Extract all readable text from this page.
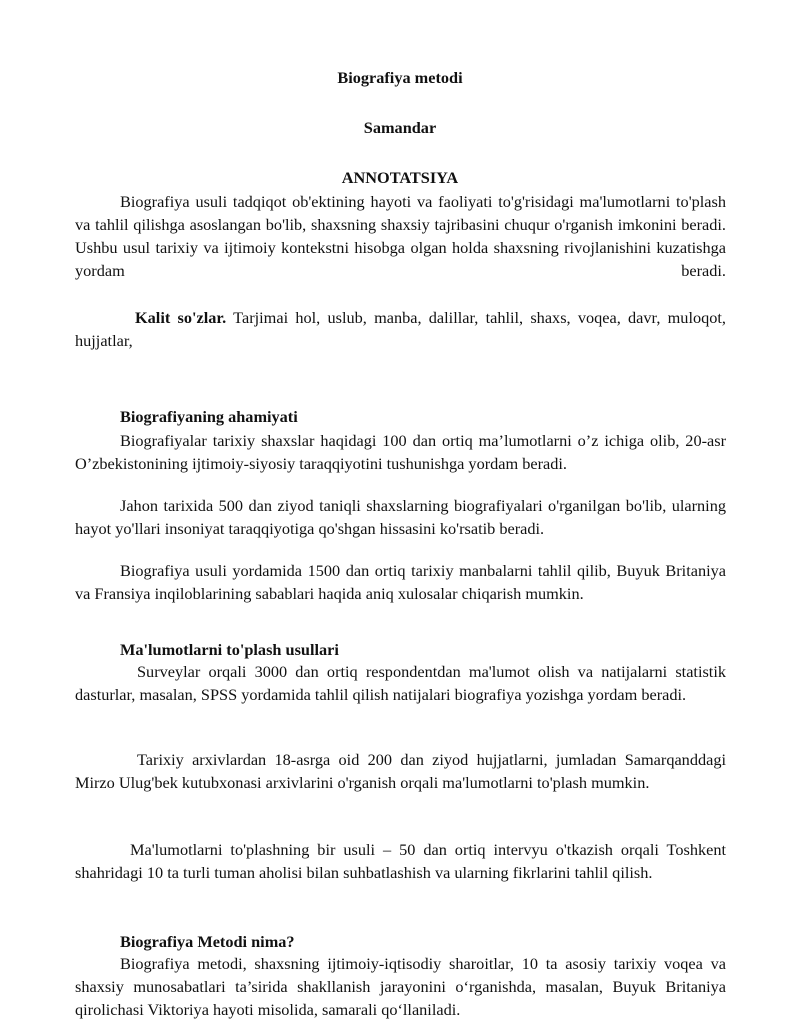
Biografiya metodi
Samandar
ANNOTATSIYA

Biografiya usuli tadqiqot ob'ektining hayoti va faoliyati to'g'risidagi ma'lumotlarni to'plash va tahlil qilishga asoslangan bo'lib, shaxsning shaxsiy tajribasini chuqur o'rganish imkonini beradi. Ushbu usul tarixiy va ijtimoiy kontekstni hisobga olgan holda shaxsning rivojlanishini kuzatishga yordam beradi.

Kalit so'zlar. Tarjimai hol, uslub, manba, dalillar, tahlil, shaxs, voqea, davr, muloqot, hujjatlar,

Biografiyaning ahamiyati

Biografiyalar tarixiy shaxslar haqidagi 100 dan ortiq ma’lumotlarni o’z ichiga olib, 20-asr O’zbekistonining ijtimoiy-siyosiy taraqqiyotini tushunishga yordam beradi.

Jahon tarixida 500 dan ziyod taniqli shaxslarning biografiyalari o'rganilgan bo'lib, ularning hayot yo'llari insoniyat taraqqiyotiga qo'shgan hissasini ko'rsatib beradi.

Biografiya usuli yordamida 1500 dan ortiq tarixiy manbalarni tahlil qilib, Buyuk Britaniya va Fransiya inqiloblarining sabablari haqida aniq xulosalar chiqarish mumkin.

Ma'lumotlarni to'plash usullari

Surveylar orqali 3000 dan ortiq respondentdan ma'lumot olish va natijalarni statistik dasturlar, masalan, SPSS yordamida tahlil qilish natijalari biografiya yozishga yordam beradi.

Tarixiy arxivlardan 18-asrga oid 200 dan ziyod hujjatlarni, jumladan Samarqanddagi Mirzo Ulug'bek kutubxonasi arxivlarini o'rganish orqali ma'lumotlarni to'plash mumkin.

Ma'lumotlarni to'plashning bir usuli – 50 dan ortiq intervyu o'tkazish orqali Toshkent shahridagi 10 ta turli tuman aholisi bilan suhbatlashish va ularning fikrlarini tahlil qilish.

Biografiya Metodi nima?

Biografiya metodi, shaxsning ijtimoiy-iqtisodiy sharoitlar, 10 ta asosiy tarixiy voqea va shaxsiy munosabatlari ta’sirida shakllanish jarayonini o‘rganishda, masalan, Buyuk Britaniya qirolichasi Viktoriya hayoti misolida, samarali qo‘llaniladi.
